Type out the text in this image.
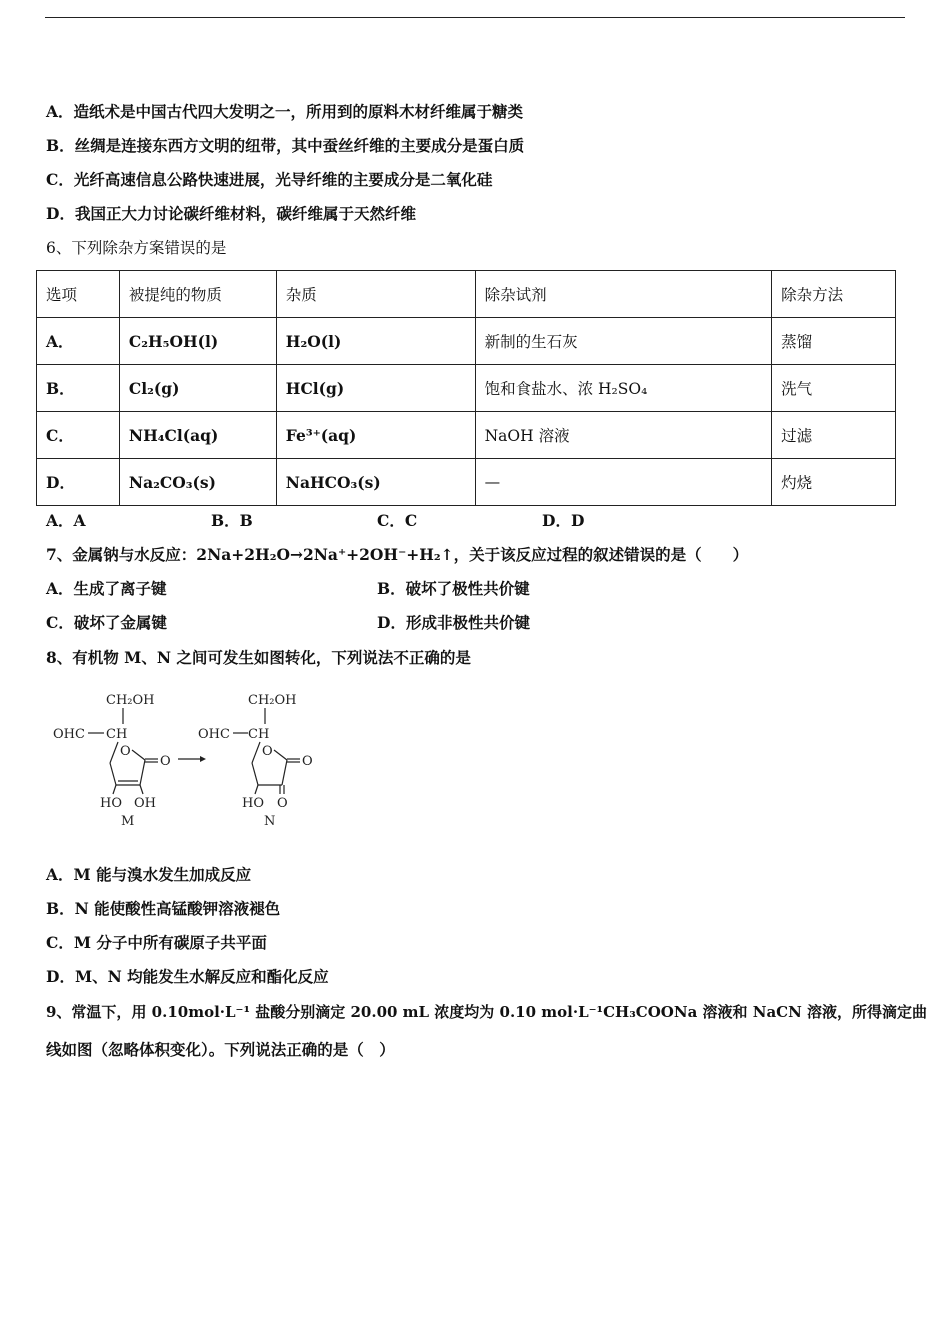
A．造纸术是中国古代四大发明之一，所用到的原料木材纤维属于糖类
B．丝绸是连接东西方文明的纽带，其中蚕丝纤维的主要成分是蛋白质
C．光纤高速信息公路快速进展，光导纤维的主要成分是二氧化硅
D．我国正大力讨论碳纤维材料，碳纤维属于天然纤维
6、下列除杂方案错误的是
选项	被提纯的物质	杂质	除杂试剂	除杂方法
A．	C₂H₅OH(l)	H₂O(l)	新制的生石灰	蒸馏
B．	Cl₂(g)	HCl(g)	饱和食盐水、浓 H₂SO₄	洗气
C．	NH₄Cl(aq)	Fe³⁺(aq)	NaOH 溶液	过滤
D．	Na₂CO₃(s)	NaHCO₃(s)	—	灼烧
A．A	B．B	C．C	D．D
7、金属钠与水反应：2Na+2H₂O→2Na⁺+2OH⁻+H₂↑，关于该反应过程的叙述错误的是（　　）
A．生成了离子键	B．破坏了极性共价键
C．破坏了金属键	D．形成非极性共价键
8、有机物 M、N 之间可发生如图转化，下列说法不正确的是
CH₂OH
OHC CH
O
O
HO OH
M
CH₂OH
OHC CH
O
O
HO O
N
A．M 能与溴水发生加成反应
B．N 能使酸性高锰酸钾溶液褪色
C．M 分子中所有碳原子共平面
D．M、N 均能发生水解反应和酯化反应
9、常温下，用 0.10mol·L⁻¹ 盐酸分别滴定 20.00 mL 浓度均为 0.10 mol·L⁻¹CH₃COONa 溶液和 NaCN 溶液，所得滴定曲
线如图（忽略体积变化）。下列说法正确的是（　）
